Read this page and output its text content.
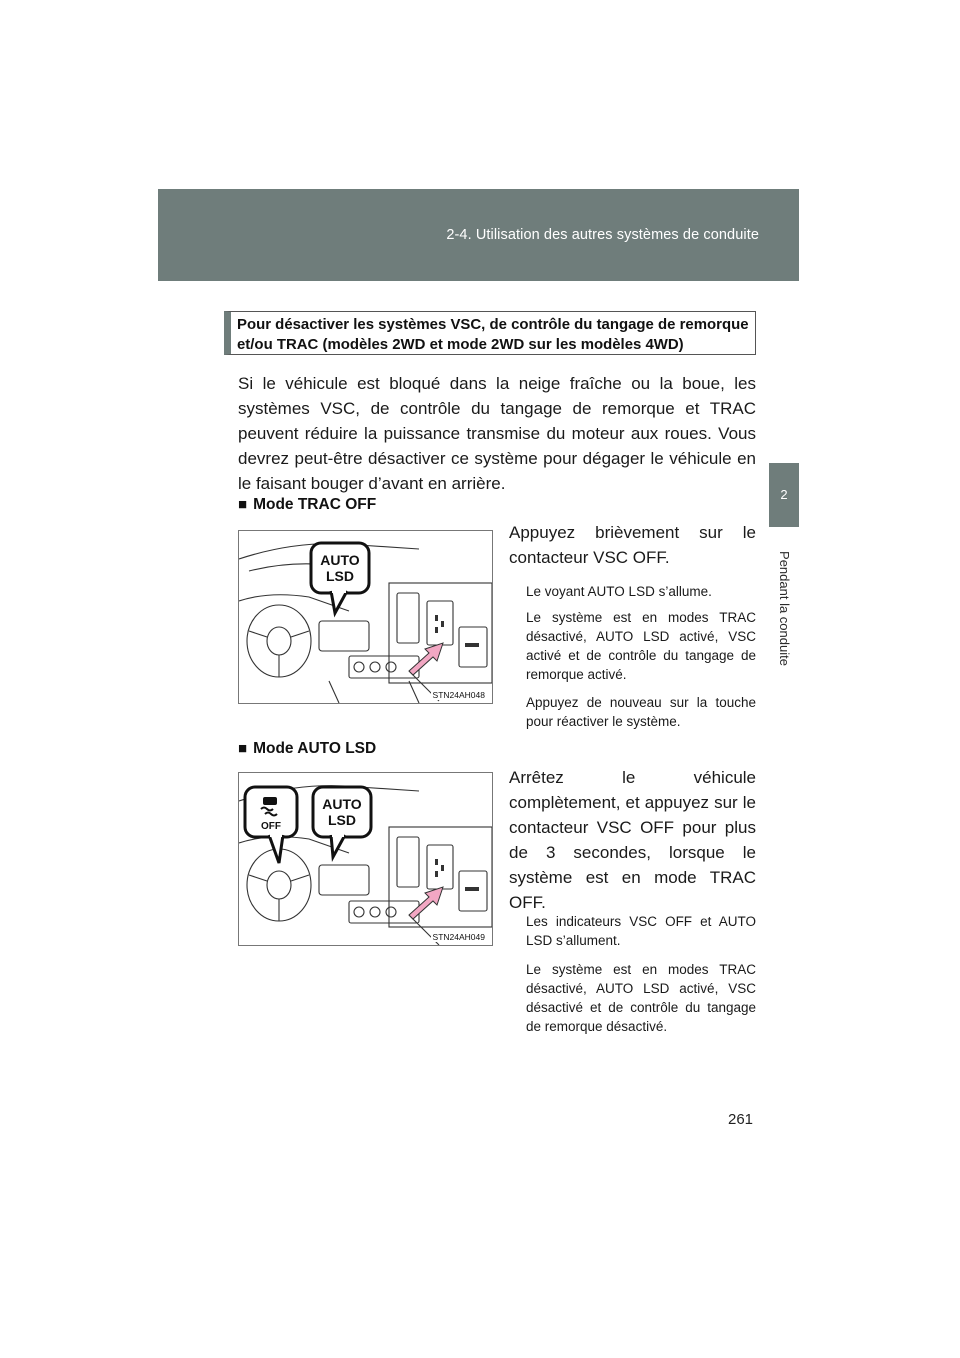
2-4. Utilisation des autres systèmes de conduite
2
Pendant la conduite
Pour désactiver les systèmes VSC, de contrôle du tangage de remorque
et/ou TRAC (modèles 2WD et mode 2WD sur les modèles 4WD)
Si le véhicule est bloqué dans la neige fraîche ou la boue, les systèmes VSC, de contrôle du tangage de remorque et TRAC peuvent réduire la puissance transmise du moteur aux roues. Vous devrez peut-être désactiver ce système pour dégager le véhicule en le faisant bouger d’avant en arrière.
■ Mode TRAC OFF
AUTO
LSD
STN24AH048
Appuyez brièvement sur le contacteur VSC OFF.
Le voyant AUTO LSD s’allume.
Le système est en modes TRAC désactivé, AUTO LSD activé, VSC activé et de contrôle du tangage de remorque activé.
Appuyez de nouveau sur la touche pour réactiver le système.
■ Mode AUTO LSD
OFF
AUTO
LSD
STN24AH049
Arrêtez le véhicule complètement, et appuyez sur le contacteur VSC OFF pour plus de 3 secondes, lorsque le système est en mode TRAC OFF.
Les indicateurs VSC OFF et AUTO LSD s’allument.
Le système est en modes TRAC désactivé, AUTO LSD activé, VSC désactivé et de contrôle du tangage de remorque désactivé.
261
